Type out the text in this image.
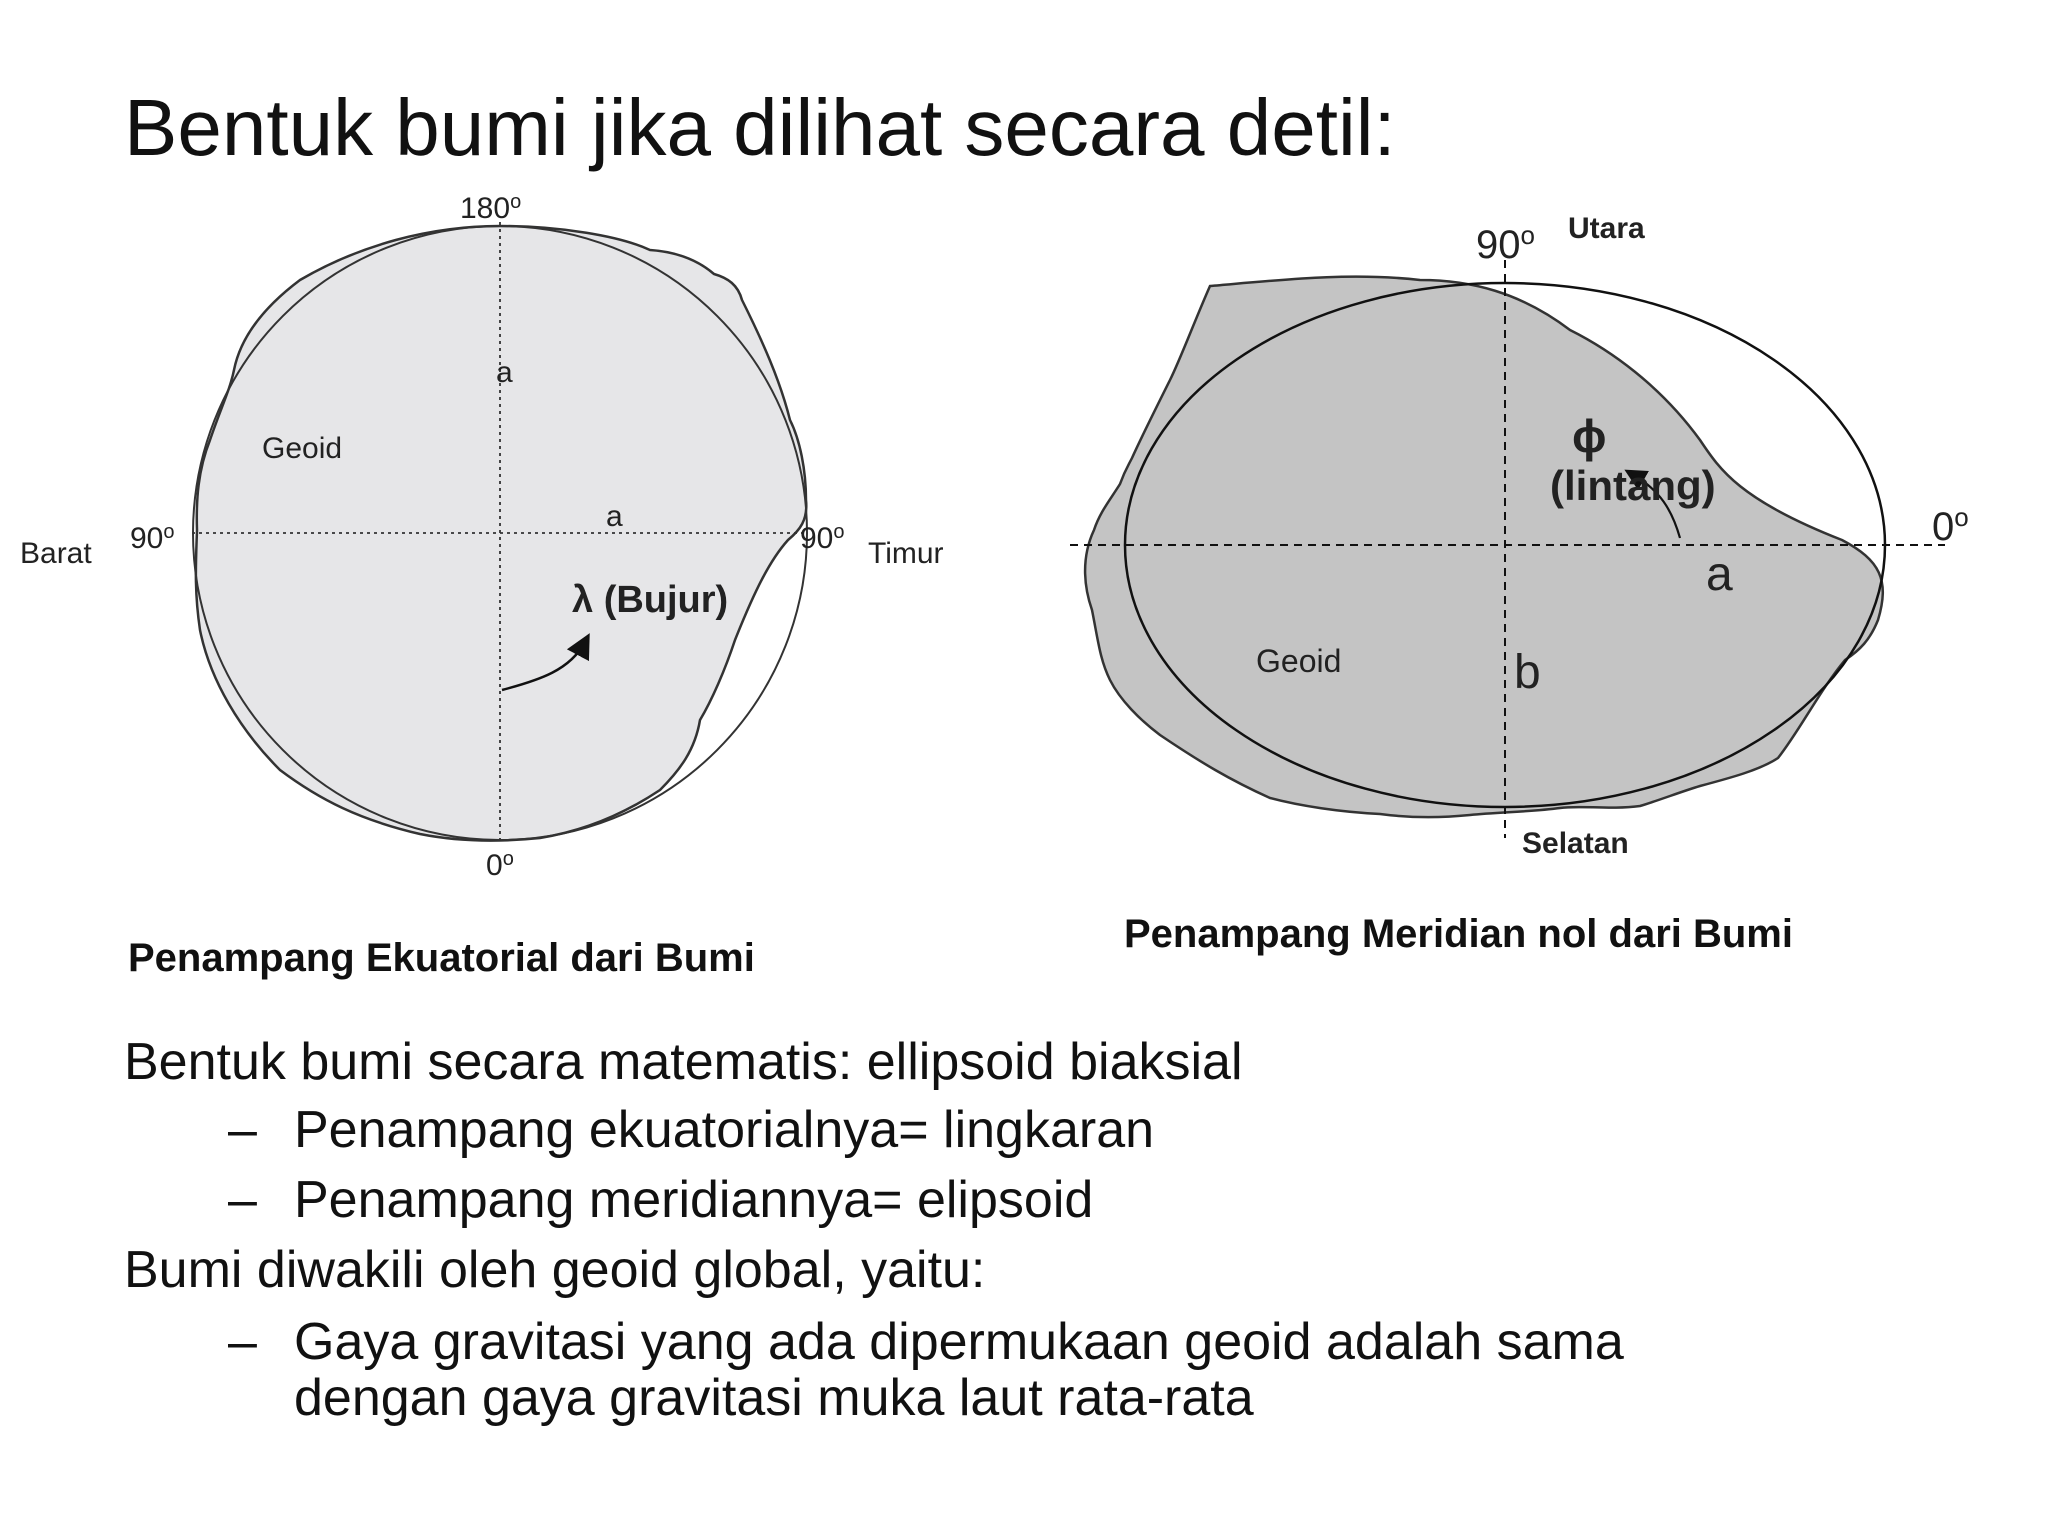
Bentuk bumi jika dilihat secara detil:
180$^o$
0$^o$
90$^o$	90$^o$
Barat	Timur
a
a
Geoid
λ (Bujur)
90$^o$ Utara
Selatan
0$^o$
ϕ
(lintang)
a
b
Geoid
Penampang Ekuatorial dari Bumi
Penampang Meridian nol dari Bumi
Bentuk bumi secara matematis: ellipsoid biaksial
– Penampang ekuatorialnya= lingkaran
– Penampang meridiannya= elipsoid
Bumi diwakili oleh geoid global, yaitu:
– Gaya gravitasi yang ada dipermukaan geoid adalah sama
dengan gaya gravitasi muka laut rata-rata
